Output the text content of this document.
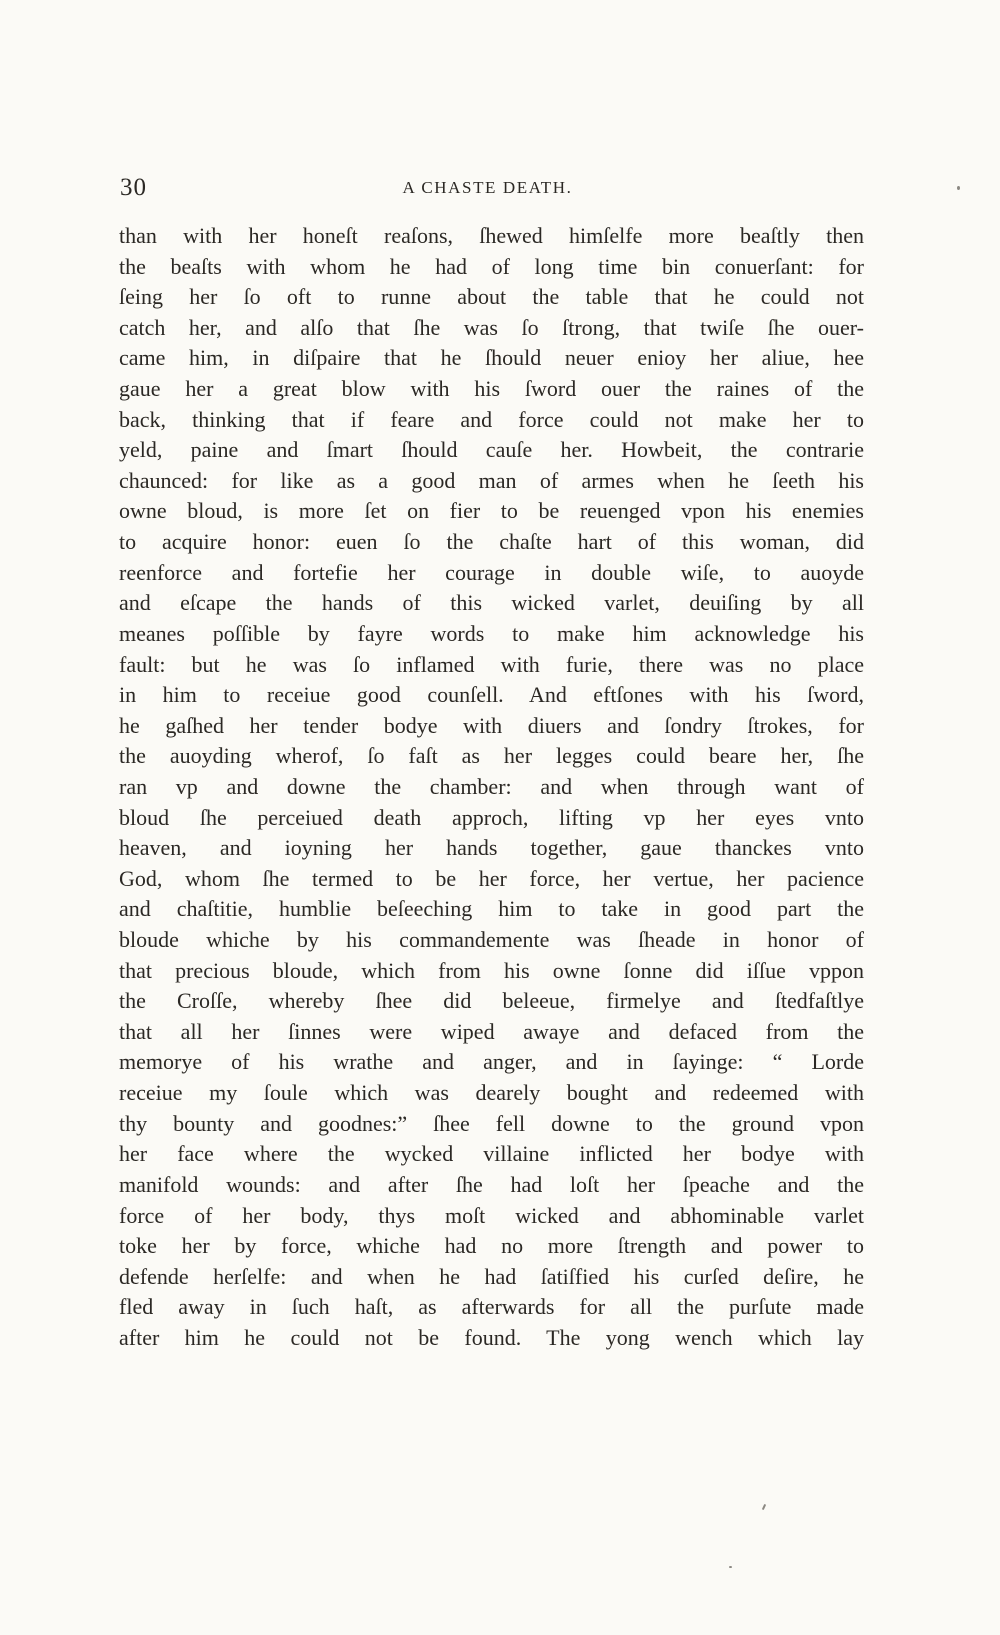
30	A CHASTE DEATH.
than with her honeſt reaſons, ſhewed himſelfe more beaſtly then
the beaſts with whom he had of long time bin conuerſant: for
ſeing her ſo oft to runne about the table that he could not
catch her, and alſo that ſhe was ſo ſtrong, that twiſe ſhe ouer-
came him, in diſpaire that he ſhould neuer enioy her aliue, hee
gaue her a great blow with his ſword ouer the raines of the
back, thinking that if feare and force could not make her to
yeld, paine and ſmart ſhould cauſe her. Howbeit, the contrarie
chaunced: for like as a good man of armes when he ſeeth his
owne bloud, is more ſet on fier to be reuenged vpon his enemies
to acquire honor: euen ſo the chaſte hart of this woman, did
reenforce and fortefie her courage in double wiſe, to auoyde
and eſcape the hands of this wicked varlet, deuiſing by all
meanes poſſible by fayre words to make him acknowledge his
fault: but he was ſo inflamed with furie, there was no place
in him to receiue good counſell. And eftſones with his ſword,
he gaſhed her tender bodye with diuers and ſondry ſtrokes, for
the auoyding wherof, ſo faſt as her legges could beare her, ſhe
ran vp and downe the chamber: and when through want of
bloud ſhe perceiued death approch, lifting vp her eyes vnto
heaven, and ioyning her hands together, gaue thanckes vnto
God, whom ſhe termed to be her force, her vertue, her pacience
and chaſtitie, humblie beſeeching him to take in good part the
bloude whiche by his commandemente was ſheade in honor of
that precious bloude, which from his owne ſonne did iſſue vppon
the Croſſe, whereby ſhee did beleeue, firmelye and ſtedfaſtlye
that all her ſinnes were wiped awaye and defaced from the
memorye of his wrathe and anger, and in ſayinge: “ Lorde
receiue my ſoule which was dearely bought and redeemed with
thy bounty and goodnes:” ſhee fell downe to the ground vpon
her face where the wycked villaine inflicted her bodye with
manifold wounds: and after ſhe had loſt her ſpeache and the
force of her body, thys moſt wicked and abhominable varlet
toke her by force, whiche had no more ſtrength and power to
defende herſelfe: and when he had ſatiſfied his curſed deſire, he
fled away in ſuch haſt, as afterwards for all the purſute made
after him he could not be found. The yong wench which lay
